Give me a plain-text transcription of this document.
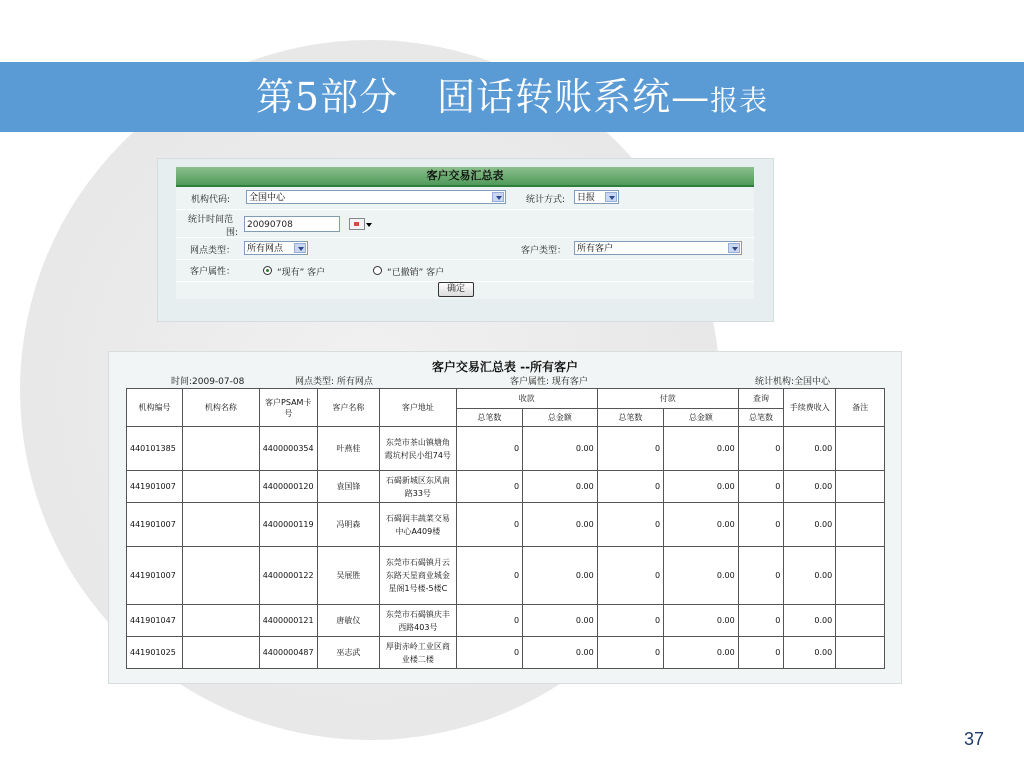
第5部分　固话转账系统—报表
客户交易汇总表
机构代码:	全国中心	统计方式:	日报
统计时间范
围:
20090708
网点类型：	所有网点	客户类型：	所有客户
客户属性：	“现有” 客户	“已撤销” 客户
确定
客户交易汇总表 --所有客户
时间:2009-07-08	网点类型: 所有网点	客户属性: 现有客户	统计机构:全国中心
机构编号	机构名称	客户PSAM卡号	客户名称	客户地址	收款		付款		查询	手续费收入	备注
					总笔数	总金额	总笔数	总金额	总笔数		
440101385		4400000354	叶燕桂	东莞市茶山镇塘角霞坑村民小组74号	0	0.00	0	0.00	0	0.00	
441901007		4400000120	袁国锋	石碣新城区东风南路33号	0	0.00	0	0.00	0	0.00	
441901007		4400000119	冯明森	石碣润丰蔬菜交易中心A409楼	0	0.00	0	0.00	0	0.00	
441901007		4400000122	吴展胜	东莞市石碣镇月云东路天星商业城金星阁1号楼-5楼C	0	0.00	0	0.00	0	0.00	
441901047		4400000121	唐敏仪	东莞市石碣镇庆丰西路403号	0	0.00	0	0.00	0	0.00	
441901025		4400000487	巫志武	厚街赤岭工业区商业楼二楼	0	0.00	0	0.00	0	0.00	
37
